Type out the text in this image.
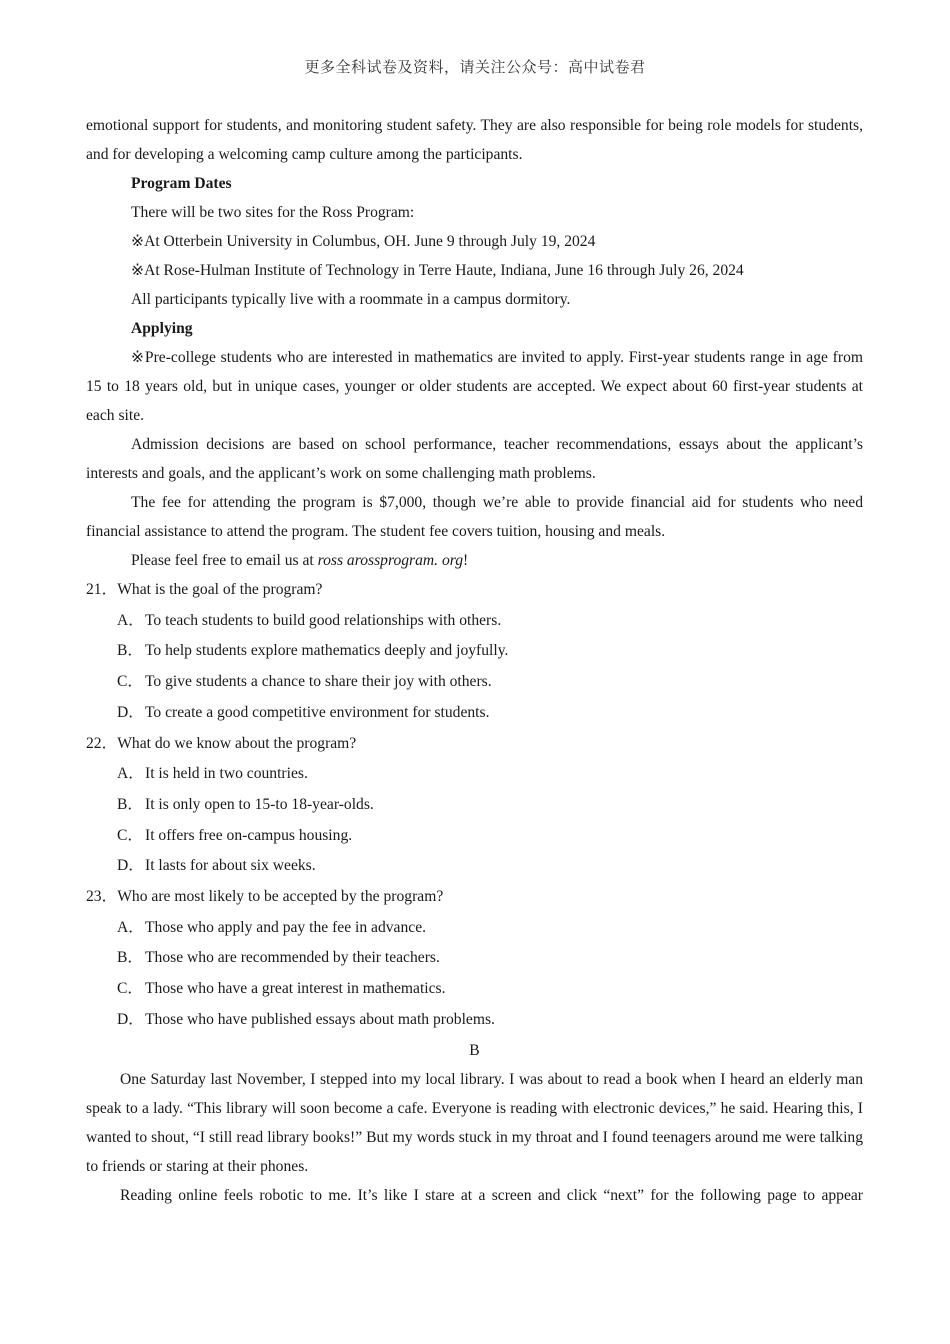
更多全科试卷及资料，请关注公众号：高中试卷君

emotional support for students, and monitoring student safety. They are also responsible for being role models for students, and for developing a welcoming camp culture among the participants.

Program Dates

There will be two sites for the Ross Program:

※At Otterbein University in Columbus, OH. June 9 through July 19, 2024

※At Rose-Hulman Institute of Technology in Terre Haute, Indiana, June 16 through July 26, 2024

All participants typically live with a roommate in a campus dormitory.

Applying

※Pre-college students who are interested in mathematics are invited to apply. First-year students range in age from 15 to 18 years old, but in unique cases, younger or older students are accepted. We expect about 60 first-year students at each site.

Admission decisions are based on school performance, teacher recommendations, essays about the applicant’s interests and goals, and the applicant’s work on some challenging math problems.

The fee for attending the program is $7,000, though we’re able to provide financial aid for students who need financial assistance to attend the program. The student fee covers tuition, housing and meals.

Please feel free to email us at ross arossprogram. org!

21．What is the goal of the program?

A．To teach students to build good relationships with others.

B． To help students explore mathematics deeply and joyfully.

C． To give students a chance to share their joy with others.

D．To create a good competitive environment for students.

22．What do we know about the program?

A．It is held in two countries.

B． It is only open to 15-to 18-year-olds.

C． It offers free on-campus housing.

D．It lasts for about six weeks.

23．Who are most likely to be accepted by the program?

A．Those who apply and pay the fee in advance.

B． Those who are recommended by their teachers.

C． Those who have a great interest in mathematics.

D．Those who have published essays about math problems.

B

One Saturday last November, I stepped into my local library. I was about to read a book when I heard an elderly man speak to a lady. “This library will soon become a cafe. Everyone is reading with electronic devices,” he said. Hearing this, I wanted to shout, “I still read library books!” But my words stuck in my throat and I found teenagers around me were talking to friends or staring at their phones.

Reading online feels robotic to me. It’s like I stare at a screen and click “next” for the following page to appear
